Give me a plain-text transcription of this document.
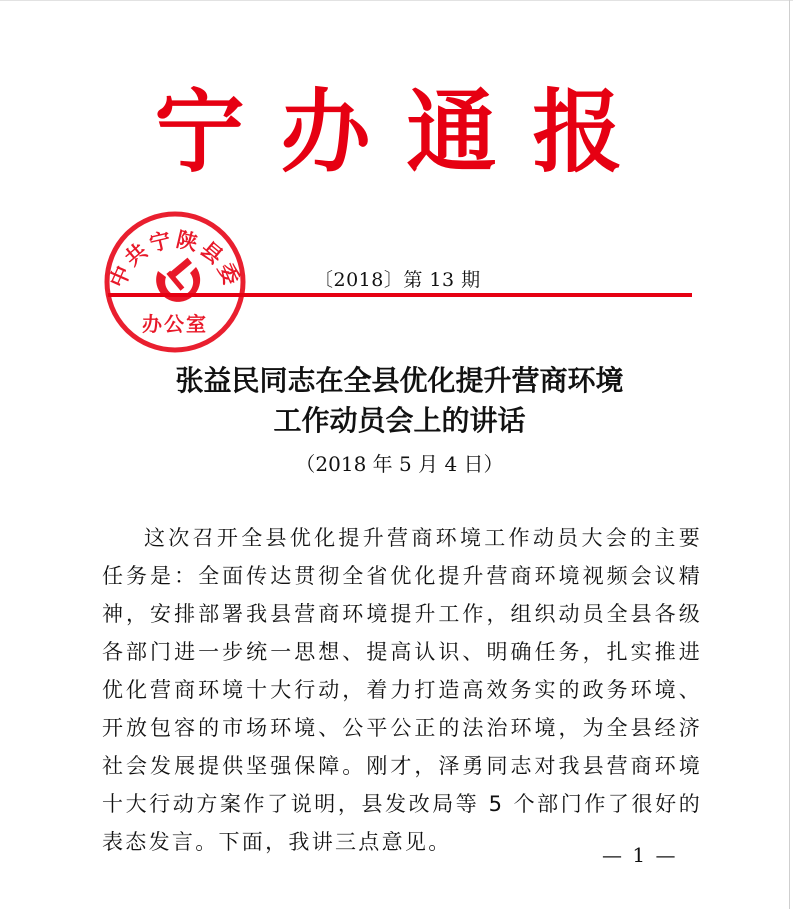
宁办通报
〔2018〕第 13 期
中共宁陕县委
办公室
张益民同志在全县优化提升营商环境
工作动员会上的讲话
（2018 年 5 月 4 日）

这次召开全县优化提升营商环境工作动员大会的主要任务是：全面传达贯彻全省优化提升营商环境视频会议精神，安排部署我县营商环境提升工作，组织动员全县各级各部门进一步统一思想、提高认识、明确任务，扎实推进优化营商环境十大行动，着力打造高效务实的政务环境、开放包容的市场环境、公平公正的法治环境，为全县经济社会发展提供坚强保障。刚才，泽勇同志对我县营商环境十大行动方案作了说明，县发改局等 5 个部门作了很好的表态发言。下面，我讲三点意见。

— 1 —
